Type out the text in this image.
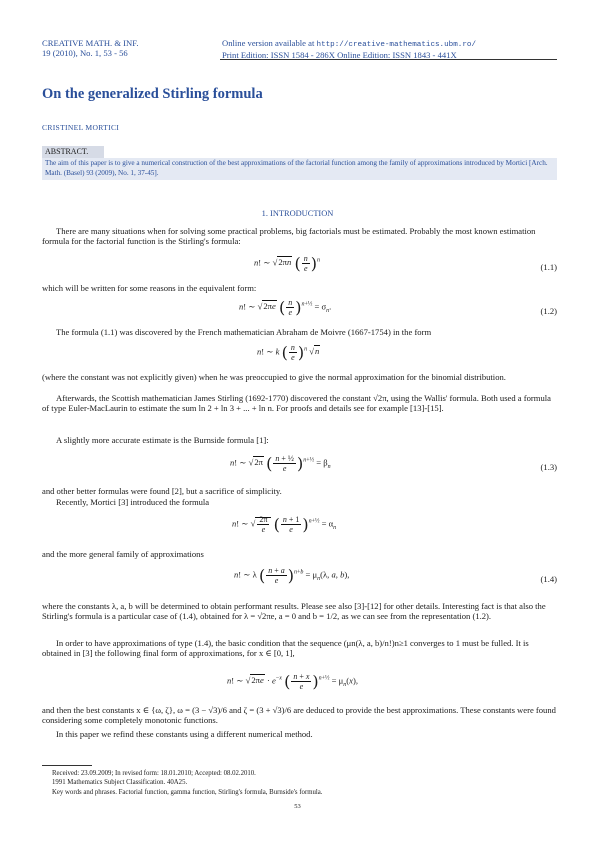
CREATIVE MATH. & INF.
19 (2010), No. 1, 53 - 56
Online version available at http://creative-mathematics.ubm.ro/
Print Edition: ISSN 1584 - 286X Online Edition: ISSN 1843 - 441X
On the generalized Stirling formula
CRISTINEL MORTICI
ABSTRACT.
The aim of this paper is to give a numerical construction of the best approximations of the factorial function among the family of approximations introduced by Mortici [Arch. Math. (Basel) 93 (2009), No. 1, 37-45].
1. INTRODUCTION
There are many situations when for solving some practical problems, big factorials must be estimated. Probably the most known estimation formula for the factorial function is the Stirling's formula:
n! ∼ √2πn ( $\frac{n}{e} )^n$
(1.1)
which will be written for some reasons in the equivalent form:
n! ∼ √2πe ( $\frac{n}{e} )^{n+\frac{1}{2}} = \sigma_n$.	(1.2)
The formula (1.1) was discovered by the French mathematician Abraham de Moivre (1667-1754) in the form
n! ∼ k ( $\frac{n}{e} )^n$ √n
(where the constant was not explicitly given) when he was preoccupied to give the normal approximation for the binomial distribution.
Afterwards, the Scottish mathematician James Stirling (1692-1770) discovered the constant √2π, using the Wallis' formula. Both used a formula of type Euler-MacLaurin to estimate the sum ln 2 + ln 3 + ... + ln n. For proofs and details see for example [13]-[15].
A slightly more accurate estimate is the Burnside formula [1]:
n! ∼ √2π ( $\frac{\text{n + ½}}{e} )^{n+\frac{1}{2}} = \beta_n$	(1.3)
and other better formulas were found [2], but a sacrifice of simplicity.
Recently, Mortici [3] introduced the formula
n! ∼ √ $\frac{2\pi}{e}$ ( $\frac{n + 1}{e} )^{n+\frac{1}{2}} = \alpha_n$
and the more general family of approximations
n! ∼ λ ( $\frac{n + a}{e} )^{n+b} = \mu_n(\lambda$, a, b),	(1.4)
where the constants λ, a, b will be determined to obtain performant results. Please see also [3]-[12] for other details. Interesting fact is that also the Stirling's formula is a particular case of (1.4), obtained for λ = √2πe, a = 0 and b = 1/2, as we can see from the representation (1.2).
In order to have approximations of type (1.4), the basic condition that the sequence (μn(λ, a, b)/n!)n≥1 converges to 1 must be fulled. It is obtained in [3] the following final form of approximations, for x ∈ [0, 1],
n! ∼ $√2\pi e \cdot e^{-x}$ ( $\frac{n + x}{e} )^{n+\frac{1}{2}} = \mu_n(x)$,
and then the best constants x ∈ {ω, ζ}, ω = (3 − √3)/6 and ζ = (3 + √3)/6 are deduced to provide the best approximations. These constants were found considering some completely monotonic functions.
In this paper we refind these constants using a different numerical method.
Received: 23.09.2009; In revised form: 18.01.2010; Accepted: 08.02.2010.
1991 Mathematics Subject Classification. 40A25.
Key words and phrases. Factorial function, gamma function, Stirling's formula, Burnside's formula.
53
